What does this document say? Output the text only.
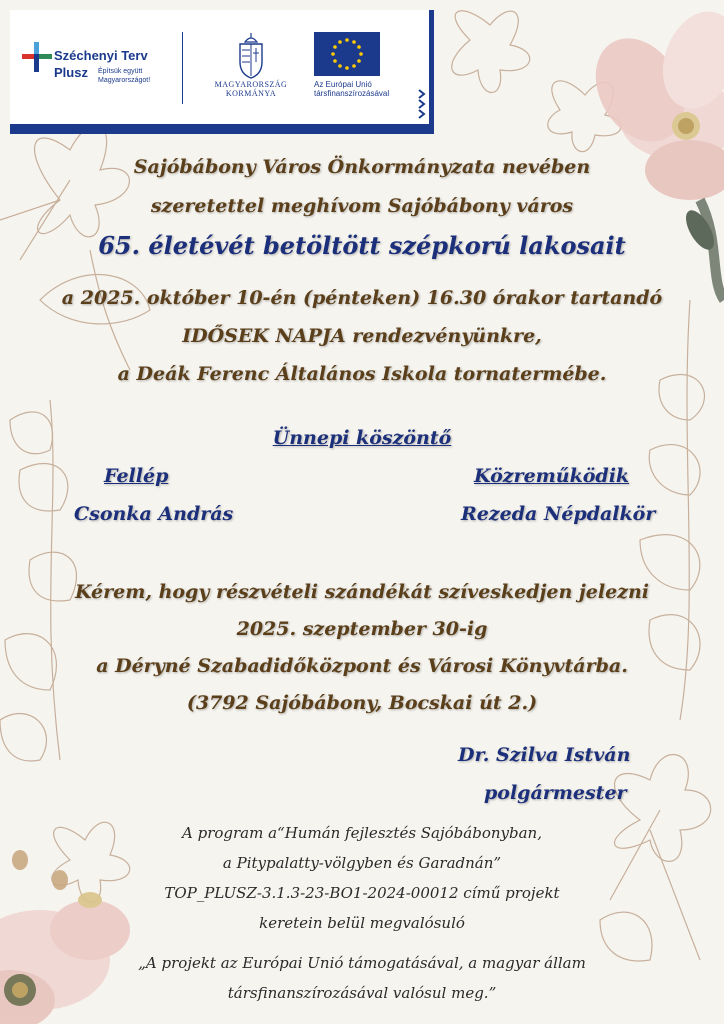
Széchenyi Terv
Plusz Építsük együtt
Magyarországot!	MAGYARORSZÁG
KORMÁNYA
Az Európai Unió
társfinanszírozásával
Sajóbábony Város Önkormányzata nevében
szeretettel meghívom Sajóbábony város
65. életévét betöltött szépkorú lakosait
a 2025. október 10-én (pénteken) 16.30 órakor tartandó
IDŐSEK NAPJA rendezvényünkre,
a Deák Ferenc Általános Iskola tornatermébe.
Ünnepi köszöntő
Fellép
Csonka András
Közreműködik
Rezeda Népdalkör
Kérem, hogy részvételi szándékát szíveskedjen jelezni
2025. szeptember 30-ig
a Déryné Szabadidőközpont és Városi Könyvtárba.
(3792 Sajóbábony, Bocskai út 2.)
Dr. Szilva István
polgármester
A program a“Humán fejlesztés Sajóbábonyban,
a Pitypalatty-völgyben és Garadnán”
TOP_PLUSZ-3.1.3-23-BO1-2024-00012 című projekt
keretein belül megvalósuló
„A projekt az Európai Unió támogatásával, a magyar állam
társfinanszírozásával valósul meg.”
